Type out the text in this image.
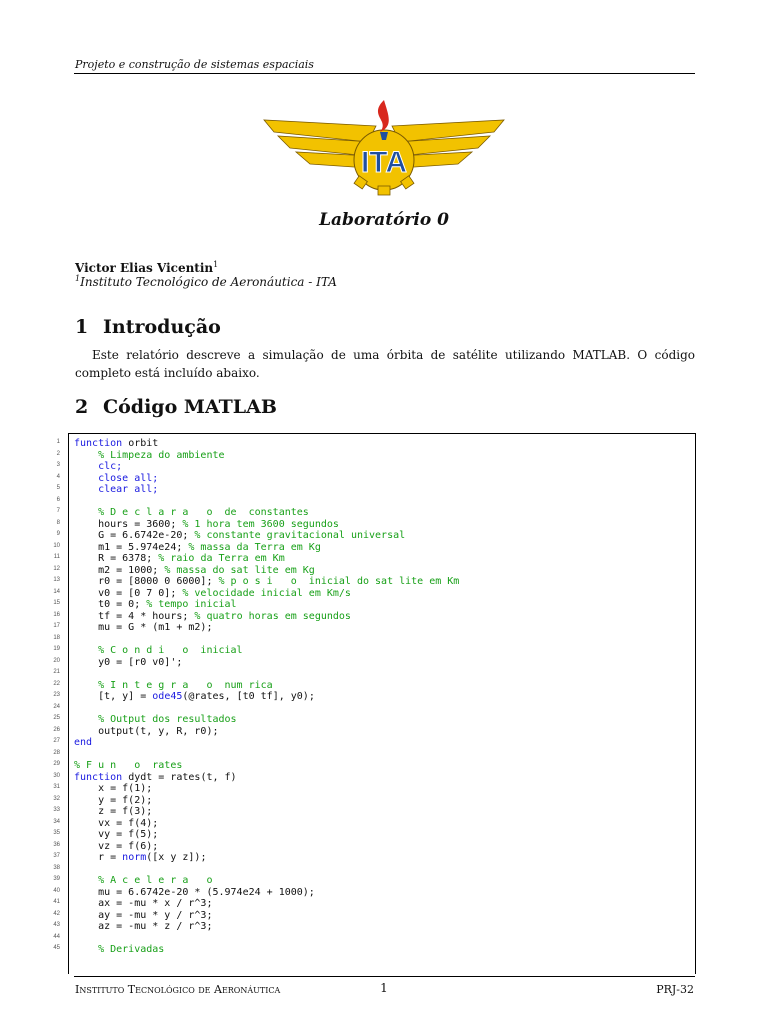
Projeto e construção de sistemas espaciais
ITA
Laboratório 0
Victor Elias Vicentin$^1$
$^1$Instituto Tecnológico de Aeronáutica - ITA
1 Introdução
Este relatório descreve a simulação de uma órbita de satélite utilizando MATLAB. O código completo está incluído abaixo.
2 Código MATLAB
1
2
3
4
5
6
7
8
9
10
11
12
13
14
15
16
17
18
19
20
21
22
23
24
25
26
27
28
29
30
31
32
33
34
35
36
37
38
39
40
41
42
43
44
45
function orbit
% Limpeza do ambiente
clc;
close all;
clear all;
% D e c l a r a   o  de  constantes
hours = 3600; % 1 hora tem 3600 segundos
G = 6.6742e-20; % constante gravitacional universal
m1 = 5.974e24; % massa da Terra em Kg
R = 6378; % raio da Terra em Km
m2 = 1000; % massa do sat lite em Kg
r0 = [8000 0 6000]; % p o s i   o  inicial do sat lite em Km
v0 = [0 7 0]; % velocidade inicial em Km/s
t0 = 0; % tempo inicial
tf = 4 * hours; % quatro horas em segundos
mu = G * (m1 + m2);
% C o n d i   o  inicial
y0 = [r0 v0]';
% I n t e g r a   o  num rica
[t, y] = ode45(@rates, [t0 tf], y0);
% Output dos resultados
output(t, y, R, r0);
end
% F u n   o  rates
function dydt = rates(t, f)
x = f(1);
y = f(2);
z = f(3);
vx = f(4);
vy = f(5);
vz = f(6);
r = norm([x y z]);
% A c e l e r a   o
mu = 6.6742e-20 * (5.974e24 + 1000);
ax = -mu * x / r^3;
ay = -mu * y / r^3;
az = -mu * z / r^3;
% Derivadas
Instituto Tecnológico de Aeronáutica	1	PRJ-32
